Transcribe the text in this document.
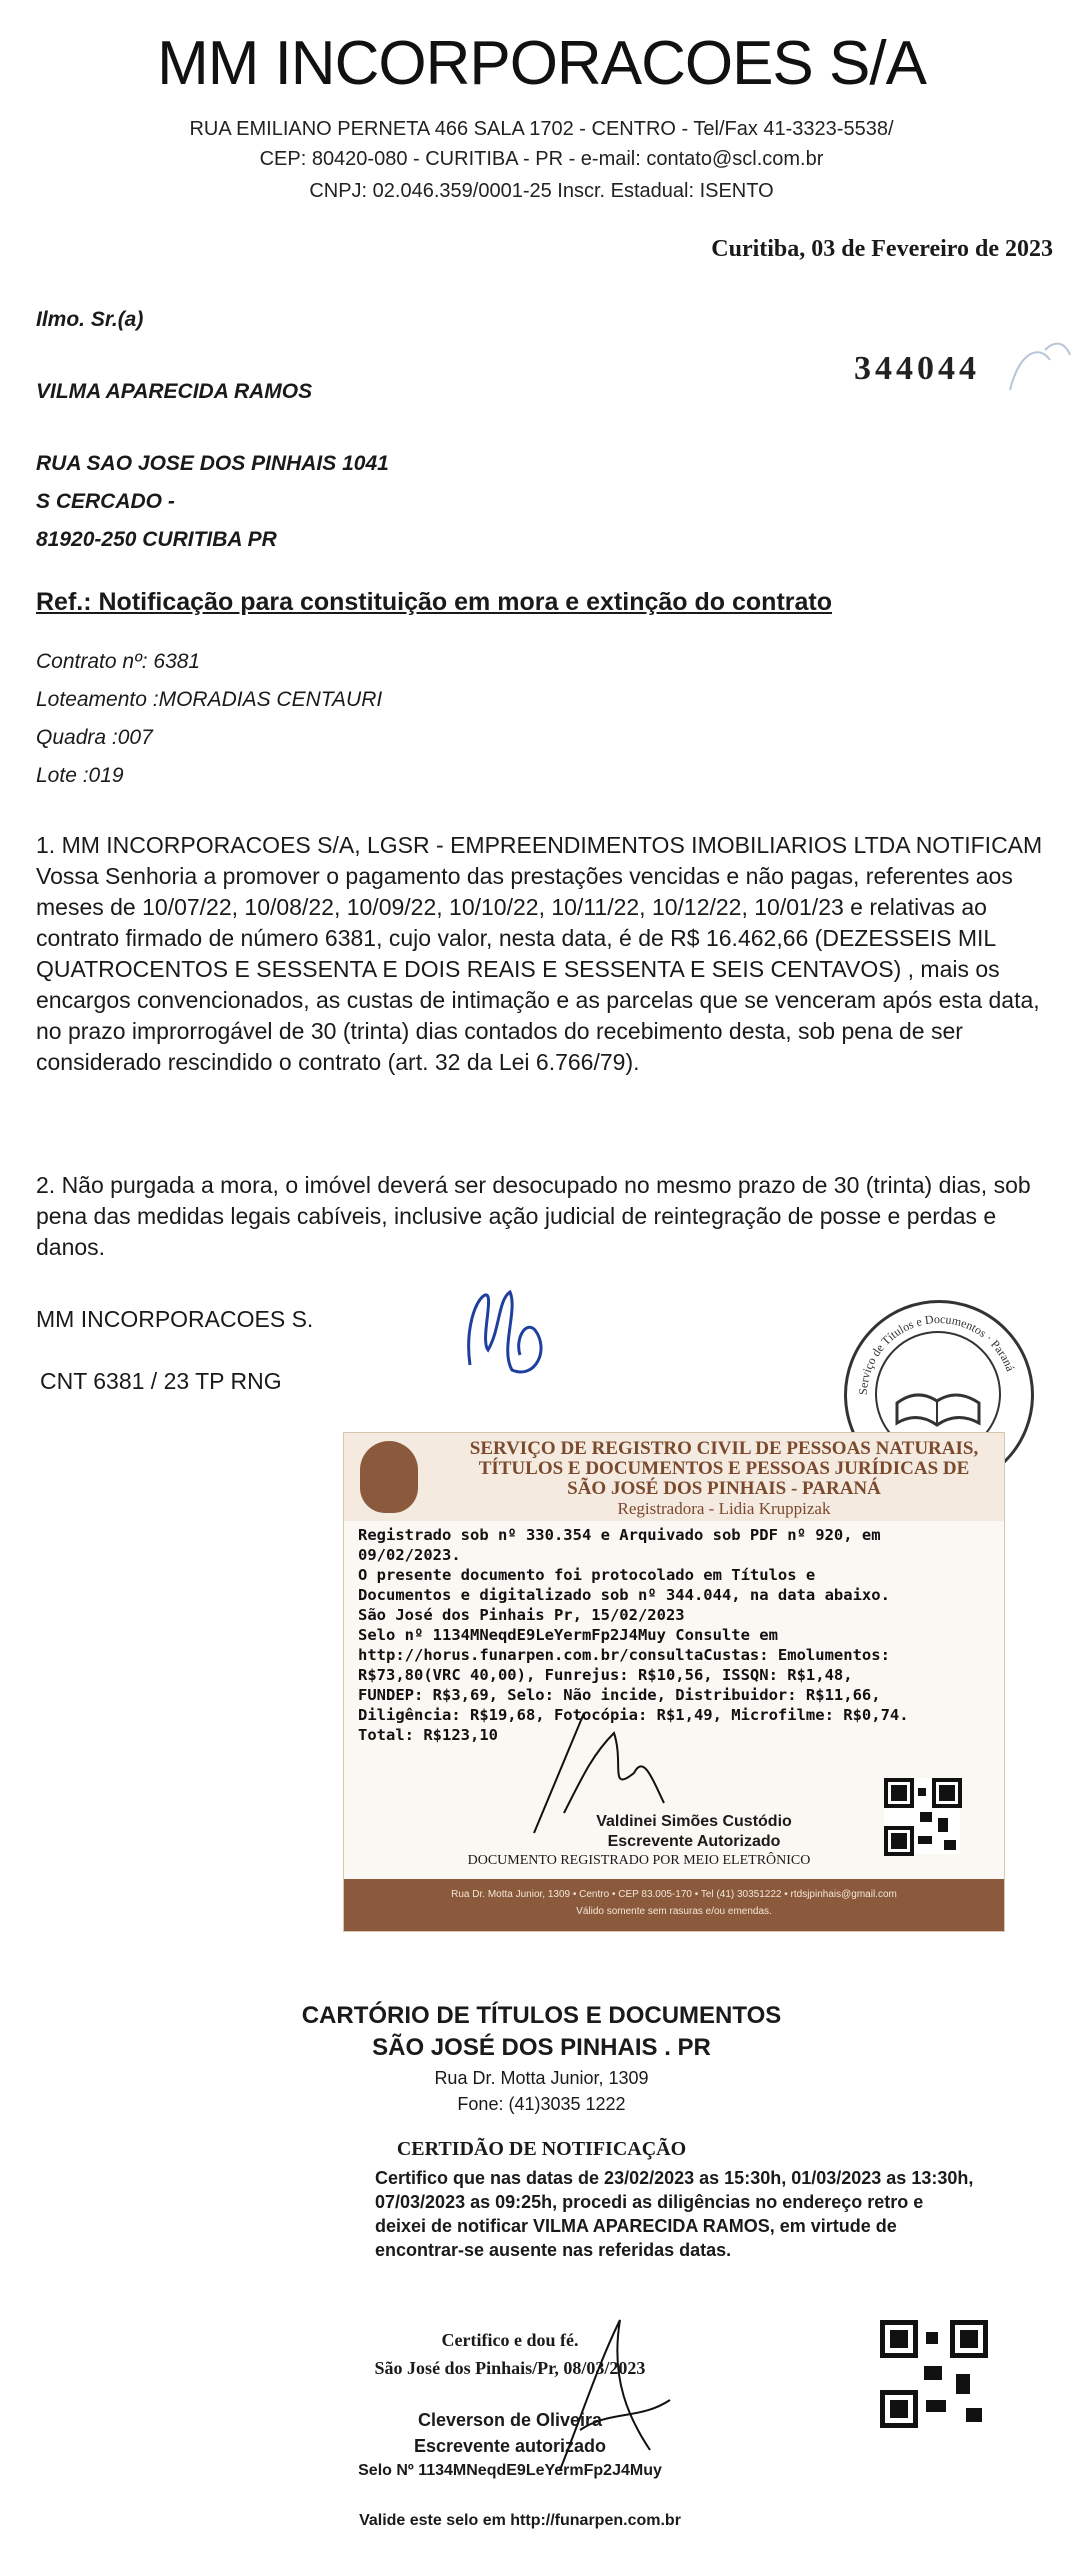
MM INCORPORACOES S/A
RUA EMILIANO PERNETA 466 SALA 1702 - CENTRO - Tel/Fax 41-3323-5538/
CEP: 80420-080 - CURITIBA - PR - e-mail: contato@scl.com.br
CNPJ: 02.046.359/0001-25 Inscr. Estadual: ISENTO
Curitiba, 03 de Fevereiro de 2023
Ilmo. Sr.(a)
VILMA APARECIDA RAMOS
RUA SAO JOSE DOS PINHAIS 1041
S CERCADO -
81920-250 CURITIBA PR
344044
Ref.: Notificação para constituição em mora e extinção do contrato
Contrato nº: 6381
Loteamento :MORADIAS CENTAURI
Quadra :007
Lote :019
1. MM INCORPORACOES S/A, LGSR - EMPREENDIMENTOS IMOBILIARIOS LTDA NOTIFICAM Vossa Senhoria a promover o pagamento das prestações vencidas e não pagas, referentes aos meses de 10/07/22, 10/08/22, 10/09/22, 10/10/22, 10/11/22, 10/12/22, 10/01/23 e relativas ao contrato firmado de número 6381, cujo valor, nesta data, é de R$ 16.462,66 (DEZESSEIS MIL QUATROCENTOS E SESSENTA E DOIS REAIS E SESSENTA E SEIS CENTAVOS) , mais os encargos convencionados, as custas de intimação e as parcelas que se venceram após esta data, no prazo improrrogável de 30 (trinta) dias contados do recebimento desta, sob pena de ser considerado rescindido o contrato (art. 32 da Lei 6.766/79).
2. Não purgada a mora, o imóvel deverá ser desocupado no mesmo prazo de 30 (trinta) dias, sob pena das medidas legais cabíveis, inclusive ação judicial de reintegração de posse e perdas e danos.
MM INCORPORACOES S.
CNT 6381 / 23 TP RNG	Serviço de Títulos e Documentos · Paraná
SERVIÇO DE REGISTRO CIVIL DE PESSOAS NATURAIS,
TÍTULOS E DOCUMENTOS E PESSOAS JURÍDICAS DE
SÃO JOSÉ DOS PINHAIS - PARANÁ
Registradora - Lidia Kruppizak
Registrado sob nº 330.354 e Arquivado sob PDF nº 920, em
09/02/2023.
O presente documento foi protocolado em Títulos e
Documentos e digitalizado sob nº 344.044, na data abaixo.
São José dos Pinhais Pr, 15/02/2023
Selo nº 1134MNeqdE9LeYermFp2J4Muy Consulte em
http://horus.funarpen.com.br/consultaCustas: Emolumentos:
R$73,80(VRC 40,00), Funrejus: R$10,56, ISSQN: R$1,48,
FUNDEP: R$3,69, Selo: Não incide, Distribuidor: R$11,66,
Diligência: R$19,68, Fotocópia: R$1,49, Microfilme: R$0,74.
Total: R$123,10
Valdinei Simões Custódio
Escrevente Autorizado
DOCUMENTO REGISTRADO POR MEIO ELETRÔNICO
Rua Dr. Motta Junior, 1309 • Centro • CEP 83.005-170 • Tel (41) 30351222 • rtdsjpinhais@gmail.com
Válido somente sem rasuras e/ou emendas.
CARTÓRIO DE TÍTULOS E DOCUMENTOS
SÃO JOSÉ DOS PINHAIS . PR
Rua Dr. Motta Junior, 1309
Fone: (41)3035 1222
CERTIDÃO DE NOTIFICAÇÃO
Certifico que nas datas de 23/02/2023 as 15:30h, 01/03/2023 as 13:30h, 07/03/2023 as 09:25h, procedi as diligências no endereço retro e deixei de notificar VILMA APARECIDA RAMOS, em virtude de encontrar-se ausente nas referidas datas.
Certifico e dou fé.
São José dos Pinhais/Pr, 08/03/2023
Cleverson de Oliveira
Escrevente autorizado
Selo Nº 1134MNeqdE9LeYermFp2J4Muy
Valide este selo em http://funarpen.com.br
